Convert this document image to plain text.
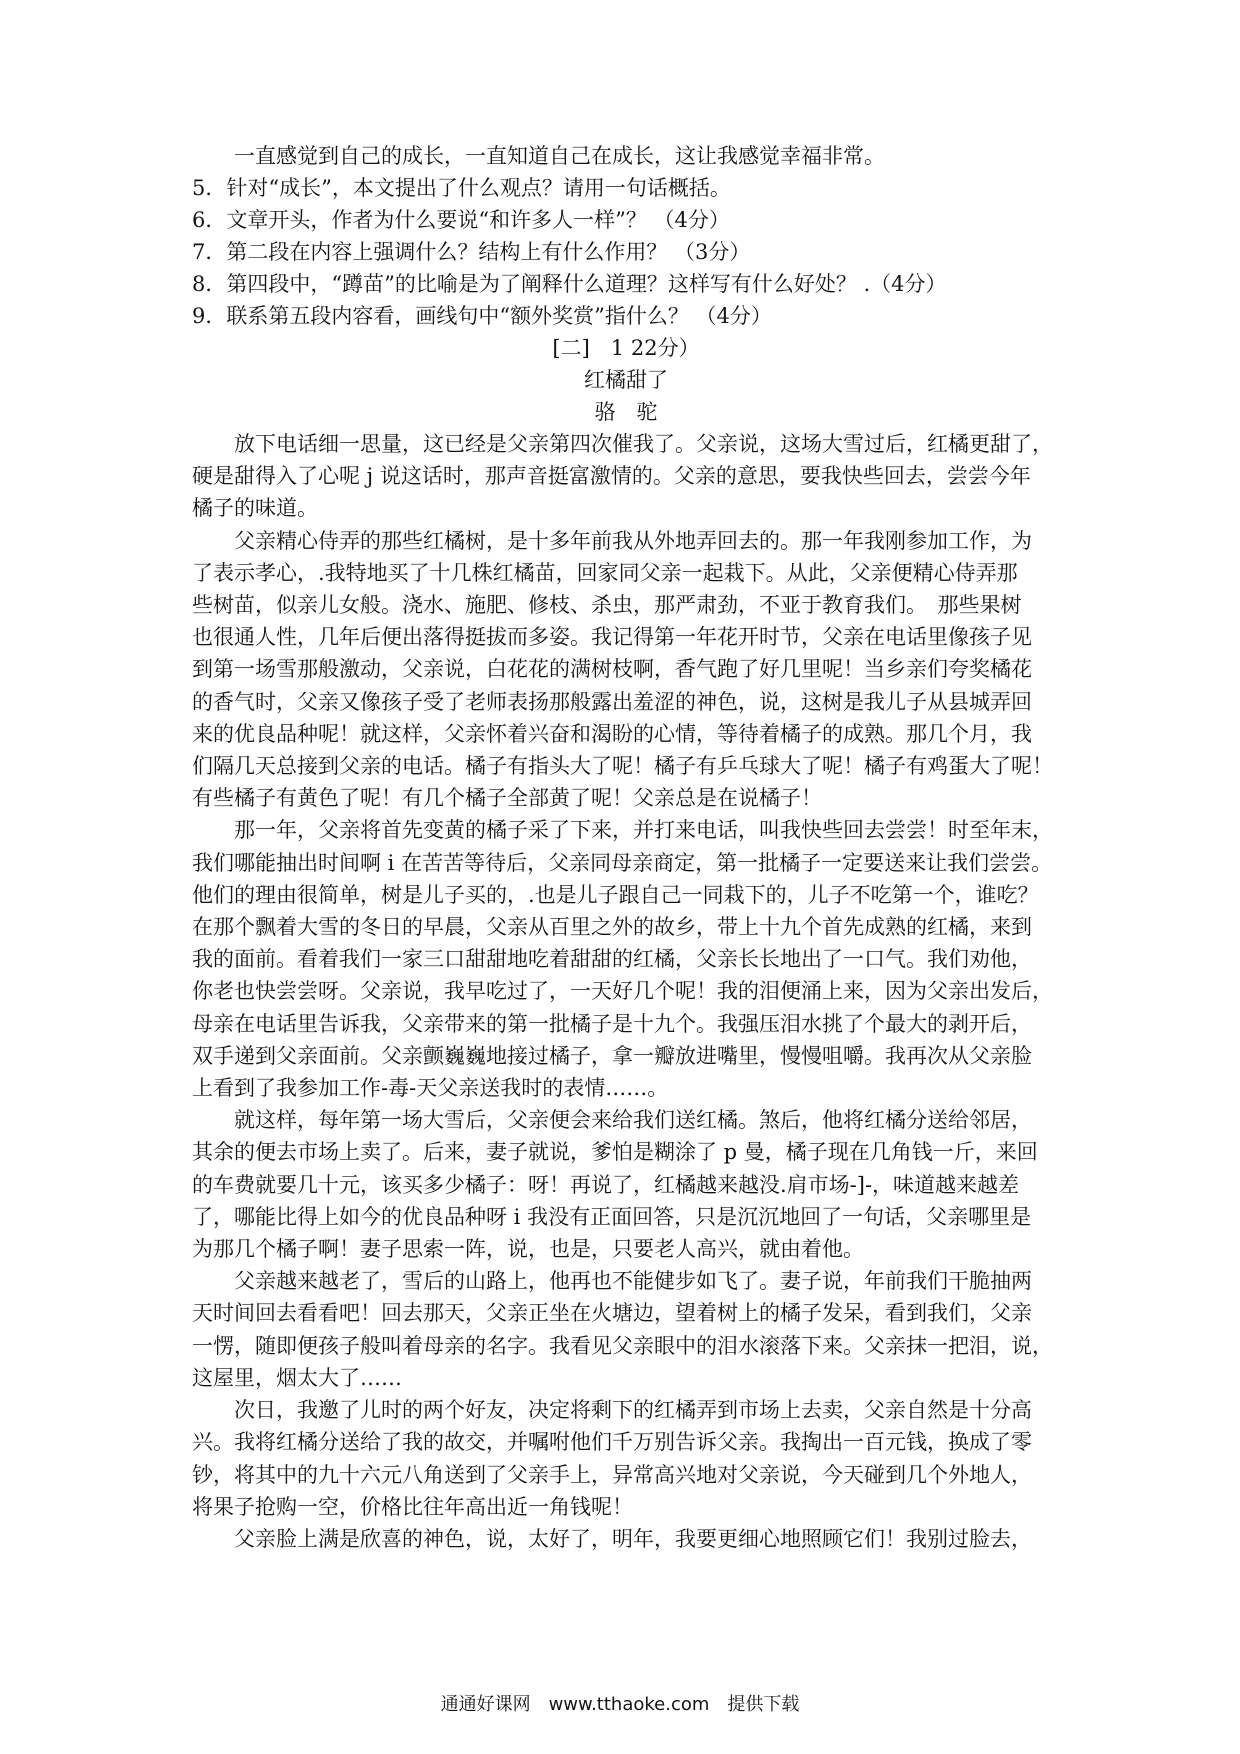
一直感觉到自己的成长，一直知道自己在成长，这让我感觉幸福非常。
5．针对“成长”，本文提出了什么观点？请用一句话概括。
6．文章开头，作者为什么要说“和许多人一样”？ （4分）
7．第二段在内容上强调什么？结构上有什么作用？ （3分）
8．第四段中，“蹲苗”的比喻是为了阐释什么道理？这样写有什么好处？ .（4分）
9．联系第五段内容看，画线句中“额外奖赏”指什么？ （4分）
[二]　1 22分）
红橘甜了
骆　驼

放下电话细一思量，这已经是父亲第四次催我了。父亲说，这场大雪过后，红橘更甜了，
硬是甜得入了心呢 j 说这话时，那声音挺富激情的。父亲的意思，要我快些回去，尝尝今年
橘子的味道。

父亲精心侍弄的那些红橘树，是十多年前我从外地弄回去的。那一年我刚参加工作，为
了表示孝心，.我特地买了十几株红橘苗，回家同父亲一起栽下。从此，父亲便精心侍弄那
些树苗，似亲儿女般。浇水、施肥、修枝、杀虫，那严肃劲，不亚于教育我们。　那些果树
也很通人性，几年后便出落得挺拔而多姿。我记得第一年花开时节，父亲在电话里像孩子见
到第一场雪那般激动，父亲说，白花花的满树枝啊，香气跑了好几里呢！当乡亲们夸奖橘花
的香气时，父亲又像孩子受了老师表扬那般露出羞涩的神色，说，这树是我儿子从县城弄回
来的优良品种呢！就这样，父亲怀着兴奋和渴盼的心情，等待着橘子的成熟。那几个月，我
们隔几天总接到父亲的电话。橘子有指头大了呢！橘子有乒乓球大了呢！橘子有鸡蛋大了呢！
有些橘子有黄色了呢！有几个橘子全部黄了呢！父亲总是在说橘子！

那一年，父亲将首先变黄的橘子采了下来，并打来电话，叫我快些回去尝尝！时至年末，
我们哪能抽出时间啊 i 在苦苦等待后，父亲同母亲商定，第一批橘子一定要送来让我们尝尝。
他们的理由很简单，树是儿子买的，.也是儿子跟自己一同栽下的，儿子不吃第一个，谁吃？
在那个飘着大雪的冬日的早晨，父亲从百里之外的故乡，带上十九个首先成熟的红橘，来到
我的面前。看着我们一家三口甜甜地吃着甜甜的红橘，父亲长长地出了一口气。我们劝他，
你老也快尝尝呀。父亲说，我早吃过了，一天好几个呢！我的泪便涌上来，因为父亲出发后，
母亲在电话里告诉我，父亲带来的第一批橘子是十九个。我强压泪水挑了个最大的剥开后，
双手递到父亲面前。父亲颤巍巍地接过橘子，拿一瓣放进嘴里，慢慢咀嚼。我再次从父亲脸
上看到了我参加工作-毒-天父亲送我时的表情……。

就这样，每年第一场大雪后，父亲便会来给我们送红橘。煞后，他将红橘分送给邻居，
其余的便去市场上卖了。后来，妻子就说，爹怕是糊涂了 p 曼，橘子现在几角钱一斤，来回
的车费就要几十元，该买多少橘子：呀！再说了，红橘越来越没.肩市场-]-，味道越来越差
了，哪能比得上如今的优良品种呀 i 我没有正面回答，只是沉沉地回了一句话，父亲哪里是
为那几个橘子啊！妻子思索一阵，说，也是，只要老人高兴，就由着他。

父亲越来越老了，雪后的山路上，他再也不能健步如飞了。妻子说，年前我们干脆抽两
天时间回去看看吧！回去那天，父亲正坐在火塘边，望着树上的橘子发呆，看到我们，父亲
一愣，随即便孩子般叫着母亲的名字。我看见父亲眼中的泪水滚落下来。父亲抹一把泪，说，
这屋里，烟太大了……

次日，我邀了儿时的两个好友，决定将剩下的红橘弄到市场上去卖，父亲自然是十分高
兴。我将红橘分送给了我的故交，并嘱咐他们千万别告诉父亲。我掏出一百元钱，换成了零
钞，将其中的九十六元八角送到了父亲手上，异常高兴地对父亲说，今天碰到几个外地人，
将果子抢购一空，价格比往年高出近一角钱呢！

父亲脸上满是欣喜的神色，说，太好了，明年，我要更细心地照顾它们！我别过脸去，

通通好课网　www.tthaoke.com　提供下载
